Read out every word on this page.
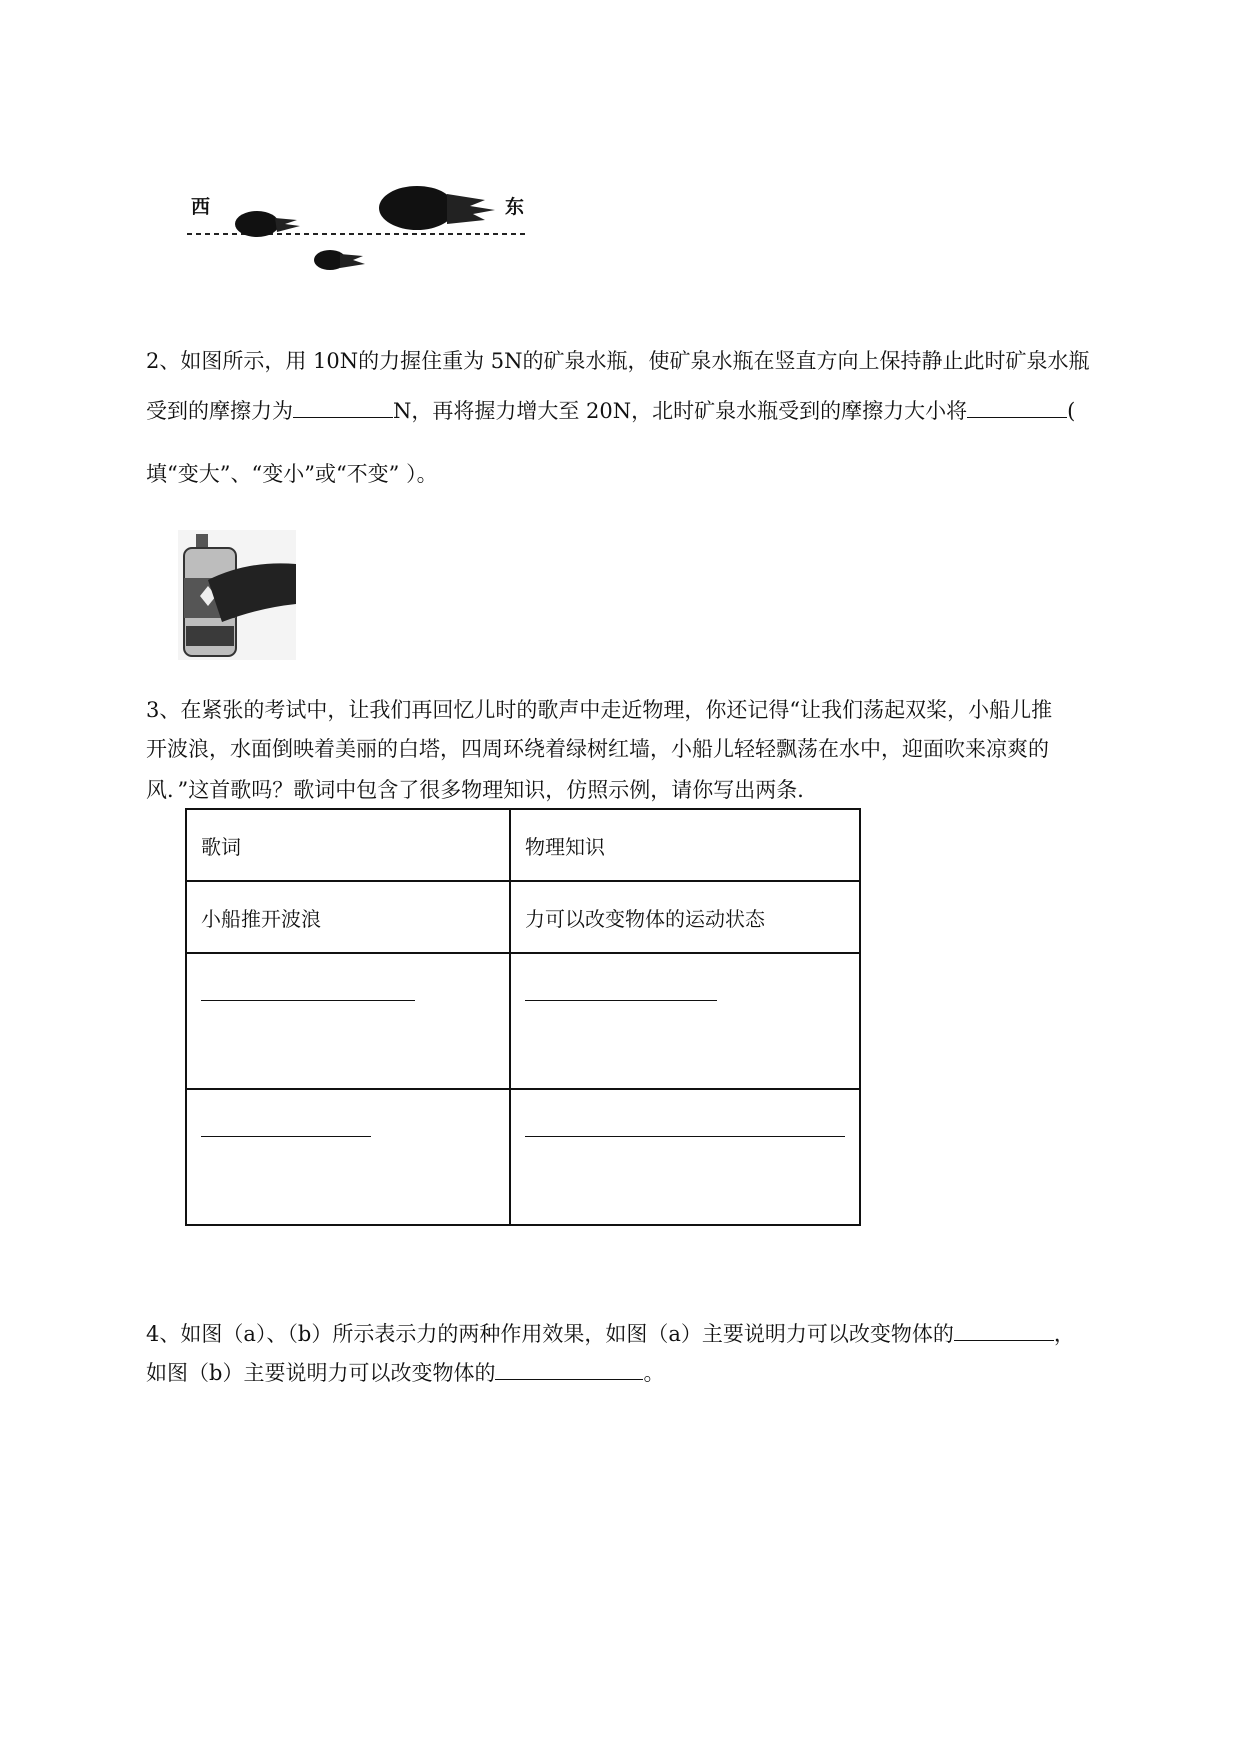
西	东
2、如图所示，用 10N的力握住重为 5N的矿泉水瓶，使矿泉水瓶在竖直方向上保持静止此时矿泉水瓶
受到的摩擦力为	N，再将握力增大至 20N，北时矿泉水瓶受到的摩擦力大小将	(
填“变大”、“变小”或“不变” ）。
3、在紧张的考试中，让我们再回忆儿时的歌声中走近物理，你还记得“让我们荡起双桨，小船儿推
开波浪，水面倒映着美丽的白塔，四周环绕着绿树红墙，小船儿轻轻飘荡在水中，迎面吹来凉爽的
风．”这首歌吗？歌词中包含了很多物理知识，仿照示例，请你写出两条．
歌词	物理知识
小船推开波浪	力可以改变物体的运动状态

4、如图（a）、（b）所示表示力的两种作用效果，如图（a）主要说明力可以改变物体的	，
如图（b）主要说明力可以改变物体的	。
